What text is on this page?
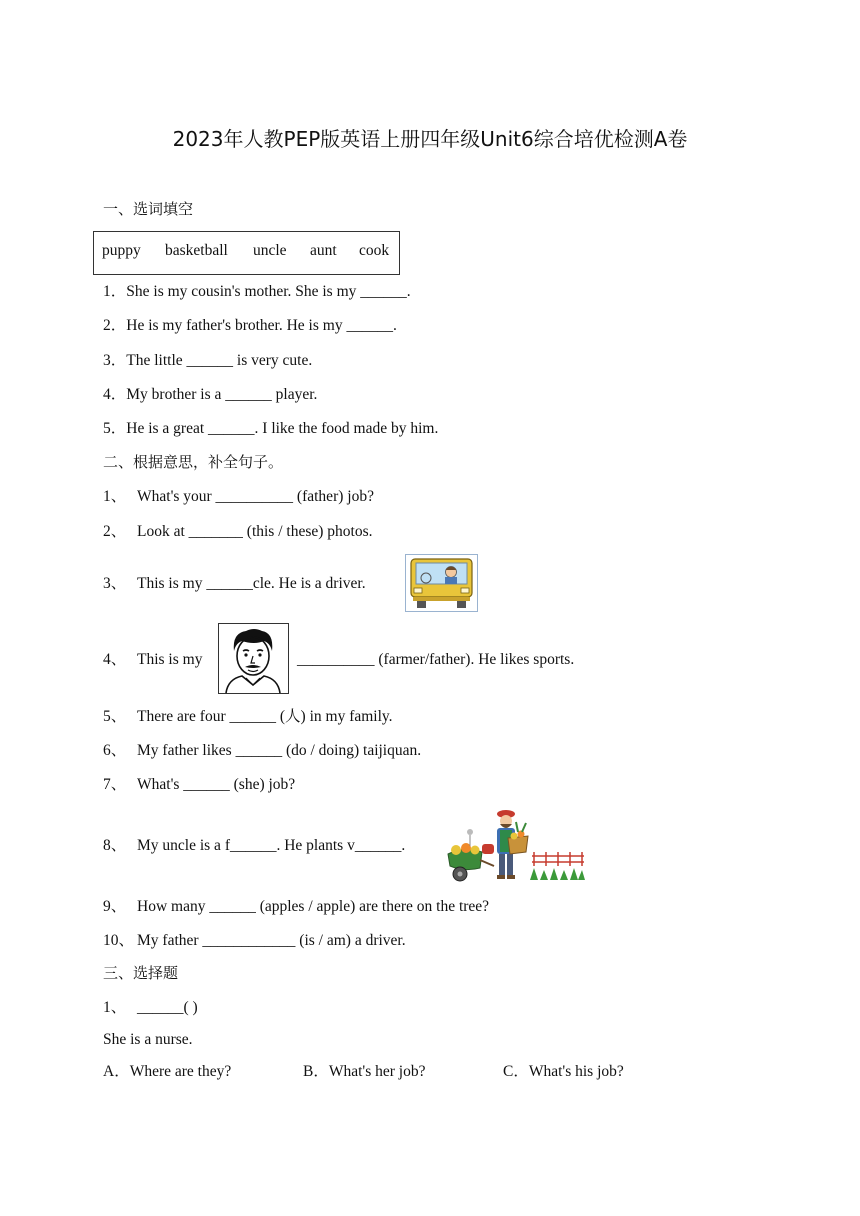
2023年人教PEP版英语上册四年级Unit6综合培优检测A卷
一、选词填空
puppy basketball uncle aunt cook
1．She is my cousin's mother. She is my ______.
2．He is my father's brother. He is my ______.
3．The little ______ is very cute.
4．My brother is a ______ player.
5．He is a great ______. I like the food made by him.
二、根据意思，补全句子。
1、 What's your __________ (father) job?
2、 Look at _______ (this / these) photos.
3、 This is my ______cle. He is a driver.
4、 This is my	__________ (farmer/father). He likes sports.
5、 There are four ______ (人) in my family.
6、 My father likes ______ (do / doing) taijiquan.
7、 What's ______ (she) job?
8、 My uncle is a f______. He plants v______.
9、 How many ______ (apples / apple) are there on the tree?
10、 My father ____________ (is / am) a driver.
三、选择题
1、 ______( )
She is a nurse.
A．Where are they?	B．What's her job?	C．What's his job?
